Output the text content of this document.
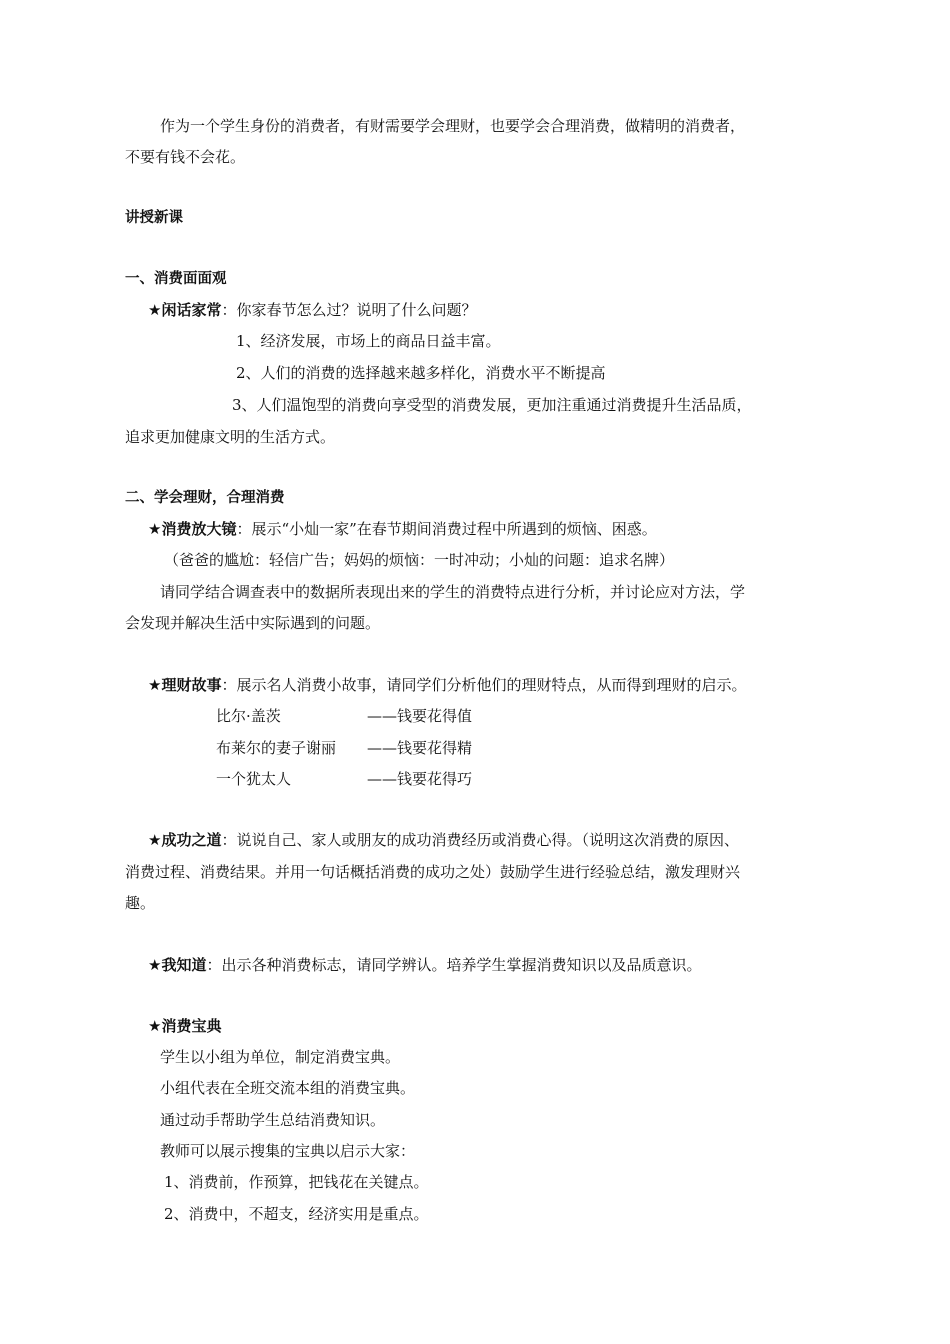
作为一个学生身份的消费者，有财需要学会理财，也要学会合理消费，做精明的消费者，
不要有钱不会花。
讲授新课
一、消费面面观
★闲话家常：你家春节怎么过？说明了什么问题？
1、经济发展，市场上的商品日益丰富。
2、人们的消费的选择越来越多样化，消费水平不断提高
3、人们温饱型的消费向享受型的消费发展，更加注重通过消费提升生活品质，
追求更加健康文明的生活方式。
二、学会理财，合理消费
★消费放大镜：展示“小灿一家”在春节期间消费过程中所遇到的烦恼、困惑。
（爸爸的尴尬：轻信广告；妈妈的烦恼：一时冲动；小灿的问题：追求名牌）
请同学结合调查表中的数据所表现出来的学生的消费特点进行分析，并讨论应对方法，学
会发现并解决生活中实际遇到的问题。
★理财故事：展示名人消费小故事，请同学们分析他们的理财特点，从而得到理财的启示。
比尔·盖茨	——钱要花得值
布莱尔的妻子谢丽 ——钱要花得精
一个犹太人	——钱要花得巧
★成功之道：说说自己、家人或朋友的成功消费经历或消费心得。（说明这次消费的原因、
消费过程、消费结果。并用一句话概括消费的成功之处）鼓励学生进行经验总结，激发理财兴
趣。
★我知道：出示各种消费标志，请同学辨认。培养学生掌握消费知识以及品质意识。
★消费宝典
学生以小组为单位，制定消费宝典。
小组代表在全班交流本组的消费宝典。
通过动手帮助学生总结消费知识。
教师可以展示搜集的宝典以启示大家：
1、消费前，作预算，把钱花在关键点。
2、消费中，不超支，经济实用是重点。
